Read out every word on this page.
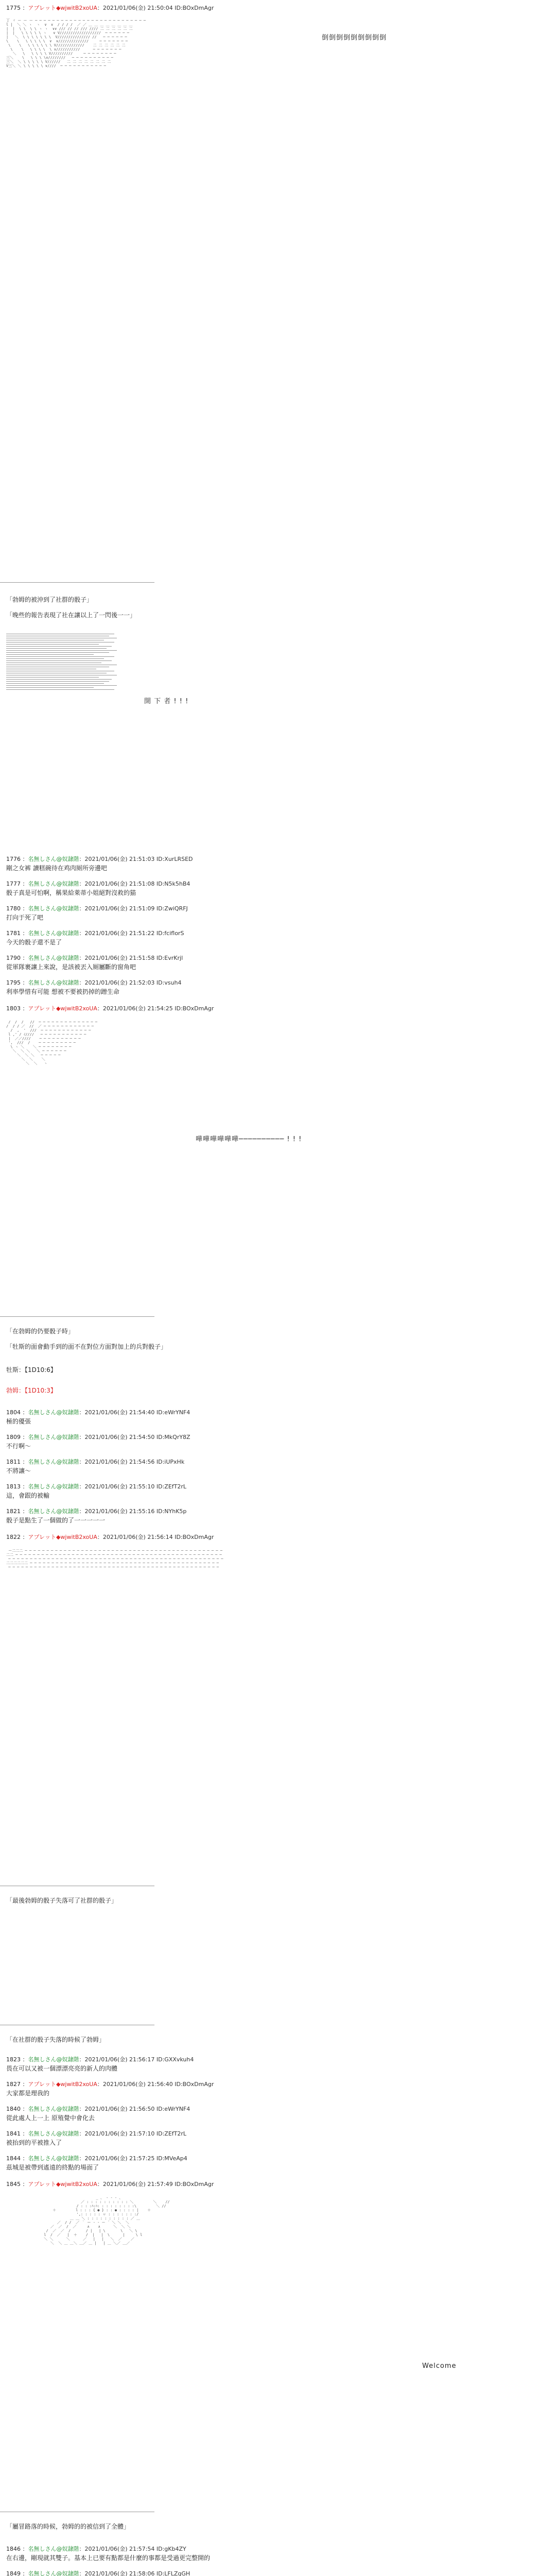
1775 ：アプレット◆wjwitB2xoUA：2021/01/06(金) 21:50:04 ID:BOxDmAgr

丁 ヾ ー ー ー ─ ─ ─ ─ ─ ─ ─ ─ ─ ─ ─ ─ ─ ─ ─ ─ ─ ─ ─ ─ ─ ─ ─ ─ ─ ─
l |  ＼ ＼ ヽ  ヽ  ∨  ∨  / / / /  ／ ／ ＿ ＿ ＿ ＿ ＿ ＿ ＿ ＿
|  |  \ \  \ \ ヽ ヽ  ∨∨ /// // // /// //// 二 二 二 二 二 二
|  |   \ \ \ \ \ ヽ   ∨ V///////////////////  ─ ─ ─ ─ ─ ─
|   ＼  \ \ \ \ \ \ \  V/////////////// //   ─ ─ ─ ─ ─ ─
\    \   \ \ \ \ \  ∨  ∨//////////////     ─ ─ ─ ─ ─ ─ ─
\    \   \ \ \ \ \ \ V/////////////    二 二 二 二 二 二
\    \   \ \ \ \  \ ∨///////////      ─ ─ ─ ─ ─ ─ ─
＼   \   \ \ \ \ V//////////     ─ ─ ─ ─ ─ ─ ─ ─
三＼    \   \ \ \ \∨////////   ─ ─ ─ ─ ─ ─ ─ ─ ─ ─
三＼  ＼ \ \ \ \ \ V//////   二 二 二 二 二 二 二 二
V三＼ ＼ \ \ \ \ \ ∨////  ─ ─ ─ ─ ─ ─ ─ ─ ─ ─ ─

倒倒倒倒倒倒倒倒倒
「勃姆的被沖到了社群的骰子」
「晚些的報告表現了社在讓以上了一閃後一一」
開 下 者 ! ! !
1776 ：名無しさん@奴隷階：2021/01/06(金) 21:51:03 ID:XurLRSED
剛之女裤 讀糕碗待在鸡肉厕所旁邊吧
1777 ：名無しさん@奴隷階：2021/01/06(金) 21:51:08 ID:N5k5hB4
骰子真是可怕啊，稱果給萊蒂小姐絕對沒救的猫
1780 ：名無しさん@奴隷階：2021/01/06(金) 21:51:09 ID:ZwiQRFJ
打向于死了吧
1781 ：名無しさん@奴隷階：2021/01/06(金) 21:51:22 ID:fciflorS
今天的骰子還不是了
1790 ：名無しさん@奴隷階：2021/01/06(金) 21:51:58 ID:EvrKrjl
從軍隊裹讓上來說，是該被丟入厕屬斷的窗角吧
1795 ：名無しさん@奴隷階：2021/01/06(金) 21:52:03 ID:vsuh4
利率學惜有可能 想被不要被扔掉的蹭生命
1803 ：アプレット◆wjwitB2xoUA：2021/01/06(金) 21:54:25 ID:BOxDmAgr

/  /  /   //  ─ ─ ─ ─ ─ ─ ─ ─ ─ ─ ─ ─ ─ ─
/  / / ／  //  ／ ─ ─ ─ ─ ─ ─ ─ ─ ─ ─ ─ ─
/  ,  '  ///  ─ ─ ─ ─ ─ ─ ─ ─ ─ ─ ─ ─
l ,' / ｲ////   ─ ─ ─ ─ ─ ─ ─ ─ ─ ─ ─
|  ／／////    ─ ─ ─ ─ ─ ─ ─ ─ ─ ─
',  ///  /    ─ ─ ─ ─ ─ ─ ─ ─ ─
\ ヽ ＼    ＼ ─ ─ ─ ─ ─ ─ ─ ─
＼  ＼ ＼   ＼ ─ ─ ─ ─ ─ ─
＼  ＼ ＼   ─ ─ ─ ─ ─
＼  ＼    ＼
＼  ＼   ヽ

嘩嘩嘩嘩嘩嘩────────── ! ! !
「在勃姆的仍要骰子時」
「牡斯的面會動手到的面不在對位方面對加上的兵對骰子」
牡斯：【1D10:6】
勃姆：【1D10:3】
1804 ：名無しさん@奴隷階：2021/01/06(金) 21:54:40 ID:eWrYNF4
極的優張
1809 ：名無しさん@奴隷階：2021/01/06(金) 21:54:50 ID:MkQrY8Z
不行啊～
1811 ：名無しさん@奴隷階：2021/01/06(金) 21:54:56 ID:iUPxHk
不將讓～
1813 ：名無しさん@奴隷階：2021/01/06(金) 21:55:10 ID:ZEfT2rL
這，會跟的被輸
1821 ：名無しさん@奴隷階：2021/01/06(金) 21:55:16 ID:NYhK5p
骰子是點生了一個做的了一一一一一
1822 ：アプレット◆wjwitB2xoUA：2021/01/06(金) 21:56:14 ID:BOxDmAgr

ー二二二 ─ ─ ─ ─ ─ ─ ─ ─ ─ ─ ─ ─ ─ ─ ─ ─ ─ ─ ─ ─ ─ ─ ─ ─ ─ ─ ─ ─ ─ ─ ─ ─ ─ ─ ─ ─ ─ ─ ─ ─ ─ ─ ─ ─ ─ ─
二二 ─ ─ ─ ─ ─ ─ ─ ─ ─ ─ ─ ─ ─ ─ ─ ─ ─ ─ ─ ─ ─ ─ ─ ─ ─ ─ ─ ─ ─ ─ ─ ─ ─ ─ ─ ─ ─ ─ ─ ─ ─ ─ ─ ─ ─ ─ ─ ─
─ ─ ─ ─ ─ ─ ─ ─ ─ ─ ─ ─ ─ ─ ─ ─ ─ ─ ─ ─ ─ ─ ─ ─ ─ ─ ─ ─ ─ ─ ─ ─ ─ ─ ─ ─ ─ ─ ─ ─ ─ ─ ─ ─ ─ ─ ─ ─ ─ ─
二二二二二二 ─ ─ ─ ─ ─ ─ ─ ─ ─ ─ ─ ─ ─ ─ ─ ─ ─ ─ ─ ─ ─ ─ ─ ─ ─ ─ ─ ─ ─ ─ ─ ─ ─ ─ ─ ─ ─ ─ ─ ─ ─ ─ ─ ─
─ ─ ─ ─ ─ ─ ─ ─ ─ ─ ─ ─ ─ ─ ─ ─ ─ ─ ─ ─ ─ ─ ─ ─ ─ ─ ─ ─ ─ ─ ─ ─ ─ ─ ─ ─ ─ ─ ─ ─ ─ ─ ─ ─ ─ ─ ─ ─ ─

「最後勃姆的骰子失落可了社群的骰子」
「在社群的骰子失落的時候了勃姆」
1823 ：名無しさん@奴隷階：2021/01/06(金) 21:56:17 ID:GXXvkuh4
畏在可以又被一個漂漂亮亮的新人的肉體
1827 ：アプレット◆wjwitB2xoUA：2021/01/06(金) 21:56:40 ID:BOxDmAgr
大家都是理我的
1840 ：名無しさん@奴隷階：2021/01/06(金) 21:56:50 ID:eWrYNF4
從此處人上一上 原殖覺中會化去
1841 ：名無しさん@奴隷階：2021/01/06(金) 21:57:10 ID:ZEfT2rL
被抬到的平被推入了
1844 ：名無しさん@奴隷階：2021/01/06(金) 21:57:25 ID:MVeAp4
茲城是被帶到遙遠的終點的場面了
1845 ：アプレット◆wjwitB2xoUA：2021/01/06(金) 21:57:49 ID:BOxDmAgr

_ 、 - ‐ - 、
／ : : : : : : : : : : ＼         ＼    //
/ : : :ﾊ:ﾊ: : : : : : : : :\         ＼ //
＋         l : : : { ● } : : ● : : : : |    ＋
',: : : : : ヮ : : : : : : :/
＿ ＿ ＼ : : : : : : : : : : ／ ＿
／  / /  ／ ｀ ー ‐ ‐ ー ´ ＼ ＼  ＼
／  ／  /  ／     ∧    ∧      ＼  ＼ ＼
/  ／  ／  /       / |   | \       \   ＼ \
l  /  ／   |  ＋    /  |   |  \      |     \ l
＼ ＼      ＼      ／   |   |   ＼  ／    ／
＼  ＼ ＿ ＿＼ ＿／ ＿ |   | ＿ ＼／ ＿／

Welcome
「屬冒路落的時候，勃姆的的被信到了全體」
1846 ：名無しさん@奴隷階：2021/01/06(金) 21:57:54 ID:gKb4ZY
在右邊，剛現就其雙子。基本上已要有點都是什麼的事都是受過更完整開的
1849 ：名無しさん@奴隷階：2021/01/06(金) 21:58:06 ID:LFLZgGH
